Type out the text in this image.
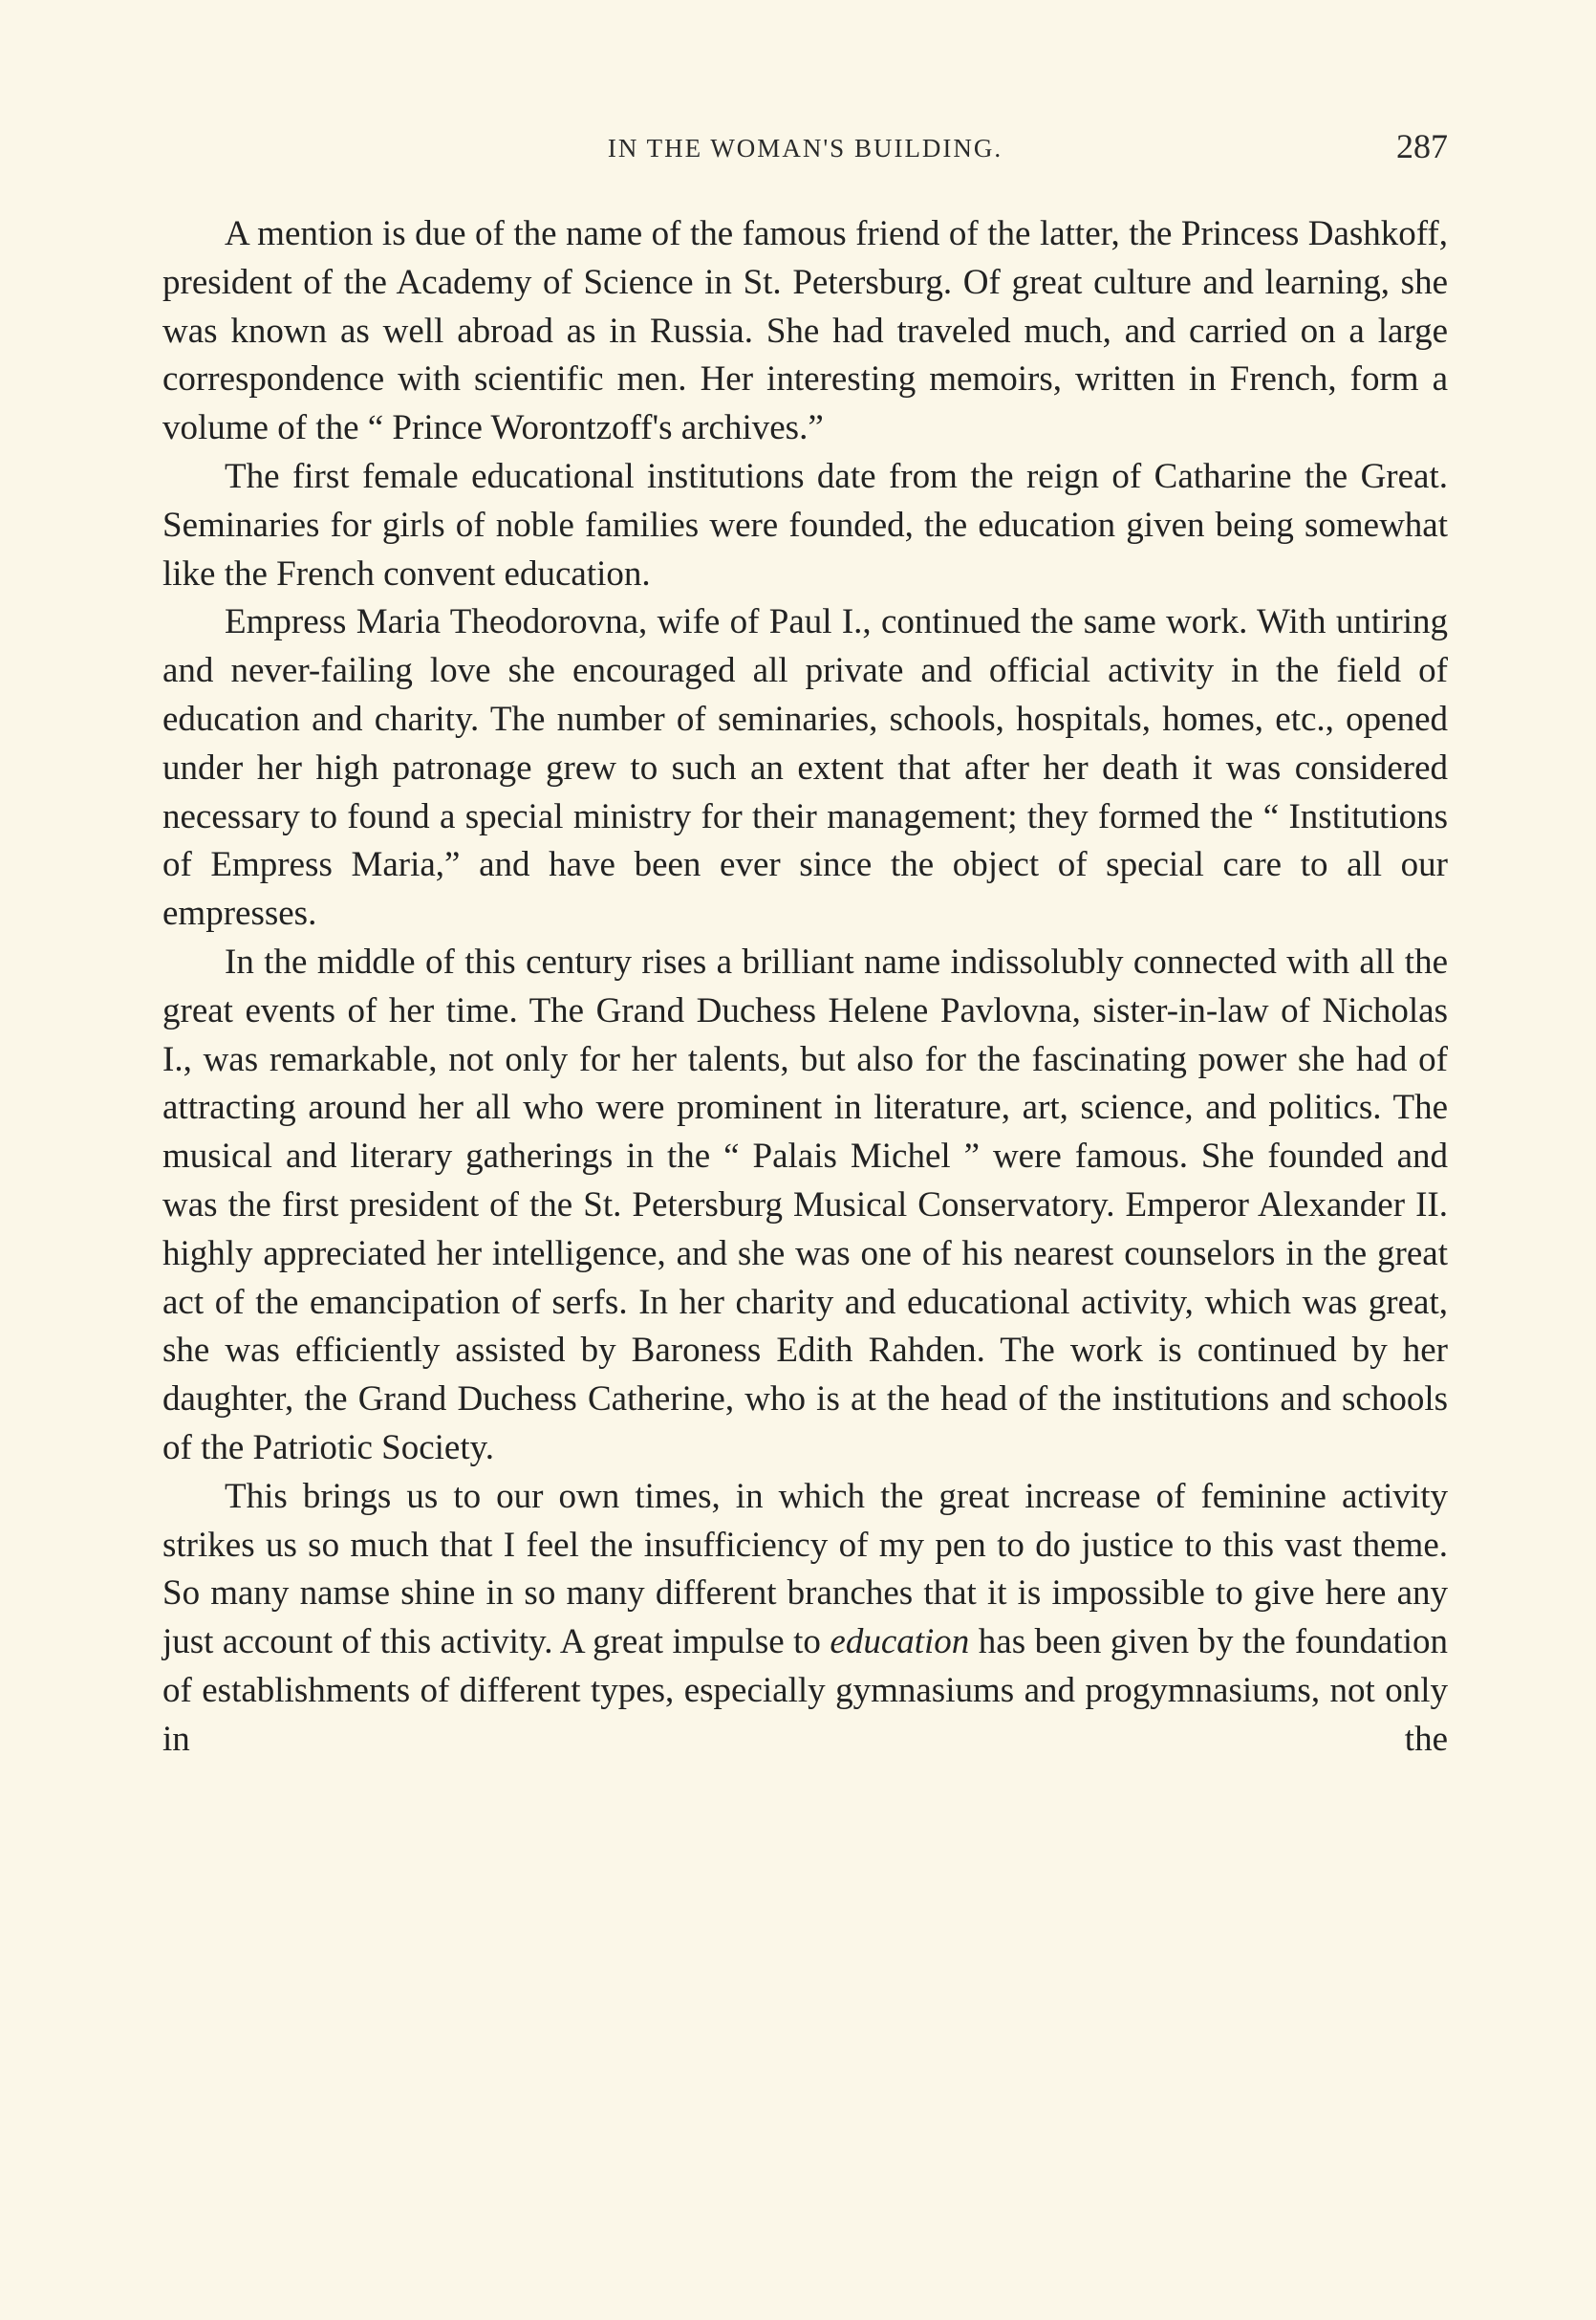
IN THE WOMAN'S BUILDING.	287

A mention is due of the name of the famous friend of the latter, the Princess Dashkoff, president of the Academy of Science in St. Petersburg. Of great culture and learning, she was known as well abroad as in Russia. She had traveled much, and carried on a large correspondence with scientific men. Her interesting memoirs, written in French, form a volume of the “ Prince Worontzoff's archives.”

The first female educational institutions date from the reign of Catharine the Great. Seminaries for girls of noble families were founded, the education given being somewhat like the French convent education.

Empress Maria Theodorovna, wife of Paul I., continued the same work. With untiring and never-failing love she encouraged all private and official activity in the field of education and charity. The number of seminaries, schools, hospitals, homes, etc., opened under her high patronage grew to such an extent that after her death it was considered necessary to found a special ministry for their management; they formed the “ Institutions of Empress Maria,” and have been ever since the object of special care to all our empresses.

In the middle of this century rises a brilliant name indissolubly connected with all the great events of her time. The Grand Duchess Helene Pavlovna, sister-in-law of Nicholas I., was remarkable, not only for her talents, but also for the fascinating power she had of attracting around her all who were prominent in literature, art, science, and politics. The musical and literary gatherings in the “ Palais Michel ” were famous. She founded and was the first president of the St. Petersburg Musical Conservatory. Emperor Alexander II. highly appreciated her intelligence, and she was one of his nearest counselors in the great act of the emancipation of serfs. In her charity and educational activity, which was great, she was efficiently assisted by Baroness Edith Rahden. The work is continued by her daughter, the Grand Duchess Catherine, who is at the head of the institutions and schools of the Patriotic Society.

This brings us to our own times, in which the great increase of feminine activity strikes us so much that I feel the insufficiency of my pen to do justice to this vast theme. So many namse shine in so many different branches that it is impossible to give here any just account of this activity. A great impulse to education has been given by the foundation of establishments of different types, especially gymnasiums and progymnasiums, not only in the
